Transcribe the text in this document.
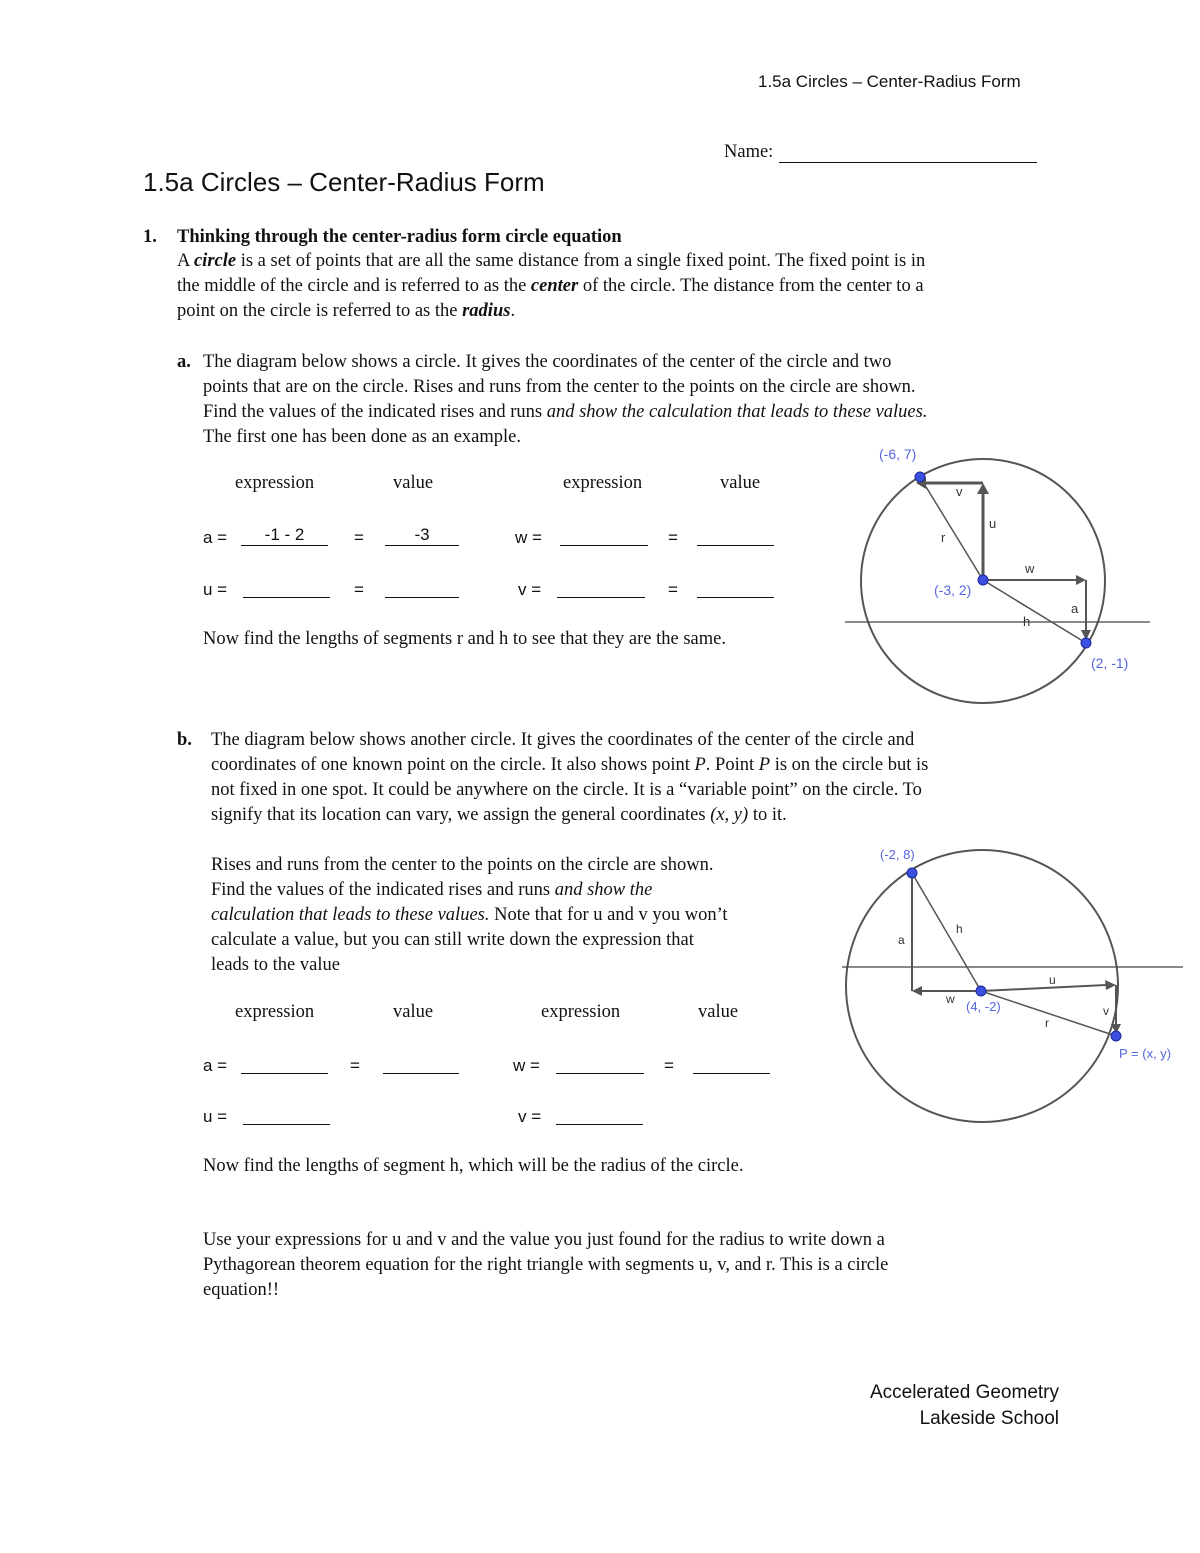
1.5a Circles – Center-Radius Form
Name:
1.5a Circles – Center-Radius Form
1. Thinking through the center-radius form circle equation
A circle is a set of points that are all the same distance from a single fixed point. The fixed point is in
the middle of the circle and is referred to as the center of the circle. The distance from the center to a
point on the circle is referred to as the radius.
a. The diagram below shows a circle. It gives the coordinates of the center of the circle and two
points that are on the circle. Rises and runs from the center to the points on the circle are shown.
Find the values of the indicated rises and runs and show the calculation that leads to these values.
The first one has been done as an example.
expression	value	expression	value
a =	-1 - 2	=	-3	w =	=
u =	=	v =	=
Now find the lengths of segments r and h to see that they are the same.
(-6, 7)
(-3, 2)
(2, -1)
v
u
r
w
a
h
b. The diagram below shows another circle. It gives the coordinates of the center of the circle and
coordinates of one known point on the circle. It also shows point P. Point P is on the circle but is
not fixed in one spot. It could be anywhere on the circle. It is a “variable point” on the circle. To
signify that its location can vary, we assign the general coordinates (x, y) to it.
Rises and runs from the center to the points on the circle are shown.
Find the values of the indicated rises and runs and show the
calculation that leads to these values. Note that for u and v you won’t
calculate a value, but you can still write down the expression that
leads to the value
expression	value	expression	value
a =	=	w =	=
u =	v =
Now find the lengths of segment h, which will be the radius of the circle.
Use your expressions for u and v and the value you just found for the radius to write down a
Pythagorean theorem equation for the right triangle with segments u, v, and r. This is a circle
equation!!
(-2, 8)
(4, -2)
P = (x, y)
a
h
u
w
v
r
Accelerated Geometry
Lakeside School
